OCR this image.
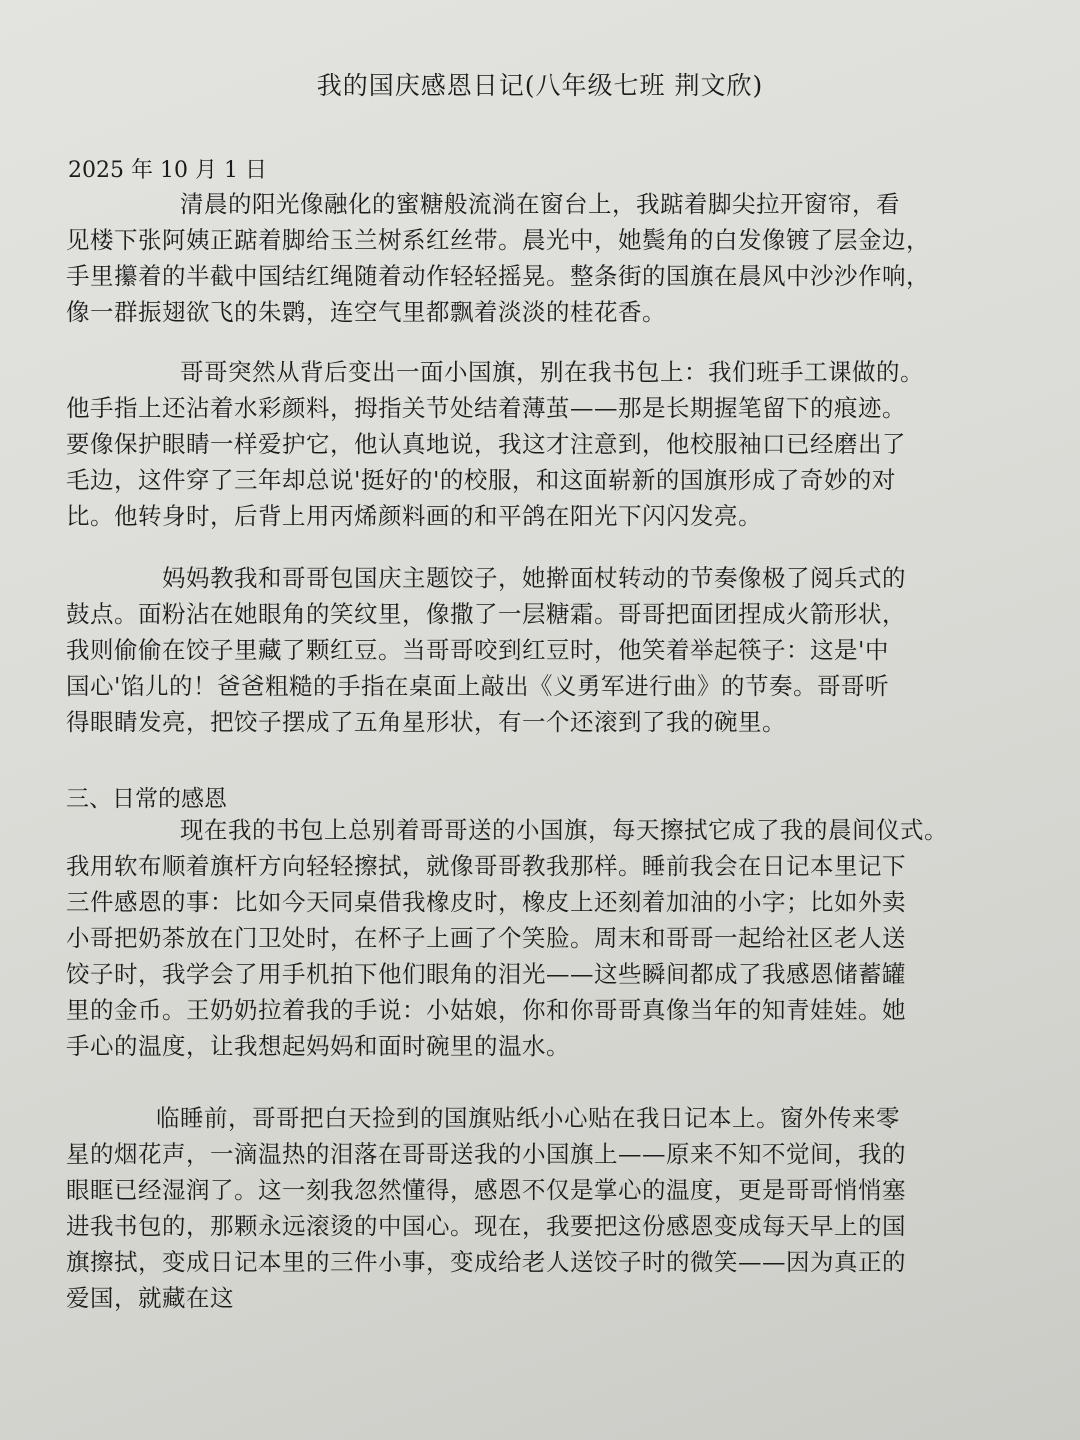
我的国庆感恩日记(八年级七班 荆文欣)
2025 年 10 月 1 日
清晨的阳光像融化的蜜糖般流淌在窗台上，我踮着脚尖拉开窗帘，看
见楼下张阿姨正踮着脚给玉兰树系红丝带。晨光中，她鬓角的白发像镀了层金边，
手里攥着的半截中国结红绳随着动作轻轻摇晃。整条街的国旗在晨风中沙沙作响，
像一群振翅欲飞的朱鹮，连空气里都飘着淡淡的桂花香。
哥哥突然从背后变出一面小国旗，别在我书包上：我们班手工课做的。
他手指上还沾着水彩颜料，拇指关节处结着薄茧——那是长期握笔留下的痕迹。
要像保护眼睛一样爱护它，他认真地说，我这才注意到，他校服袖口已经磨出了
毛边，这件穿了三年却总说'挺好的'的校服，和这面崭新的国旗形成了奇妙的对
比。他转身时，后背上用丙烯颜料画的和平鸽在阳光下闪闪发亮。
妈妈教我和哥哥包国庆主题饺子，她擀面杖转动的节奏像极了阅兵式的
鼓点。面粉沾在她眼角的笑纹里，像撒了一层糖霜。哥哥把面团捏成火箭形状，
我则偷偷在饺子里藏了颗红豆。当哥哥咬到红豆时，他笑着举起筷子：这是'中
国心'馅儿的！爸爸粗糙的手指在桌面上敲出《义勇军进行曲》的节奏。哥哥听
得眼睛发亮，把饺子摆成了五角星形状，有一个还滚到了我的碗里。
三、日常的感恩
现在我的书包上总别着哥哥送的小国旗，每天擦拭它成了我的晨间仪式。
我用软布顺着旗杆方向轻轻擦拭，就像哥哥教我那样。睡前我会在日记本里记下
三件感恩的事：比如今天同桌借我橡皮时，橡皮上还刻着加油的小字；比如外卖
小哥把奶茶放在门卫处时，在杯子上画了个笑脸。周末和哥哥一起给社区老人送
饺子时，我学会了用手机拍下他们眼角的泪光——这些瞬间都成了我感恩储蓄罐
里的金币。王奶奶拉着我的手说：小姑娘，你和你哥哥真像当年的知青娃娃。她
手心的温度，让我想起妈妈和面时碗里的温水。
临睡前，哥哥把白天捡到的国旗贴纸小心贴在我日记本上。窗外传来零
星的烟花声，一滴温热的泪落在哥哥送我的小国旗上——原来不知不觉间，我的
眼眶已经湿润了。这一刻我忽然懂得，感恩不仅是掌心的温度，更是哥哥悄悄塞
进我书包的，那颗永远滚烫的中国心。现在，我要把这份感恩变成每天早上的国
旗擦拭，变成日记本里的三件小事，变成给老人送饺子时的微笑——因为真正的
爱国，就藏在这
